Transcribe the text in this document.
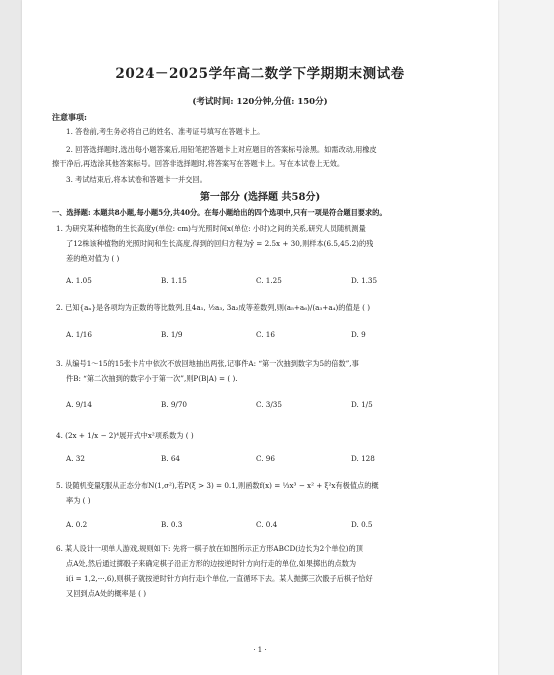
2024－2025学年高二数学下学期期末测试卷
(考试时间: 120分钟,分值: 150分)
注意事项:
1. 答卷前,考生务必将自己的姓名、准考证号填写在答题卡上。
2. 回答选择题时,选出每小题答案后,用铅笔把答题卡上对应题目的答案标号涂黑。如需改动,用橡皮
擦干净后,再选涂其他答案标号。回答非选择题时,将答案写在答题卡上。写在本试卷上无效。
3. 考试结束后,将本试卷和答题卡一并交回。
第一部分 (选择题 共58分)
一、选择题: 本题共8小题,每小题5分,共40分。在每小题给出的四个选项中,只有一项是符合题目要求的。
1. 为研究某种植物的生长高度y(单位: cm)与光照时间x(单位: 小时)之间的关系,研究人员随机测量

了12株该种植物的光照时间和生长高度,得到的回归方程为ŷ = 2.5x + 30,则样本(6.5,45.2)的残
差的绝对值为 ( )
A. 1.05	B. 1.15	C. 1.25	D. 1.35
2. 已知{aₙ}是各项均为正数的等比数列,且4a₁, ½a₃, 3a₂成等差数列,则(a₅+a₆)/(a₃+a₄)的值是 ( )
A. 1/16	B. 1/9	C. 16	D. 9
3. 从编号1～15的15张卡片中依次不放回地抽出两张,记事件A: “第一次抽到数字为5的倍数”,事

件B: “第二次抽到的数字小于第一次”,则P(B|A) = ( ).
A. 9/14	B. 9/70	C. 3/35	D. 1/5
4. (2x + 1/x − 2)⁴展开式中x²项系数为 ( )
A. 32	B. 64	C. 96	D. 128
5. 设随机变量ξ服从正态分布N(1,σ²),若P(ξ > 3) = 0.1,则函数f(x) = ⅓x³ − x² + ξ²x有极值点的概

率为 ( )
A. 0.2	B. 0.3	C. 0.4	D. 0.5
6. 某人设计一项单人游戏,规则如下: 先将一棋子放在如图所示正方形ABCD(边长为2个单位)的顶

点A处,然后通过掷骰子来确定棋子沿正方形的边按逆时针方向行走的单位,如果掷出的点数为
i(i = 1,2,···,6),则棋子就按逆时针方向行走i个单位,一直循环下去。某人抛掷三次骰子后棋子恰好
又回到点A处的概率是 ( )
· 1 ·
